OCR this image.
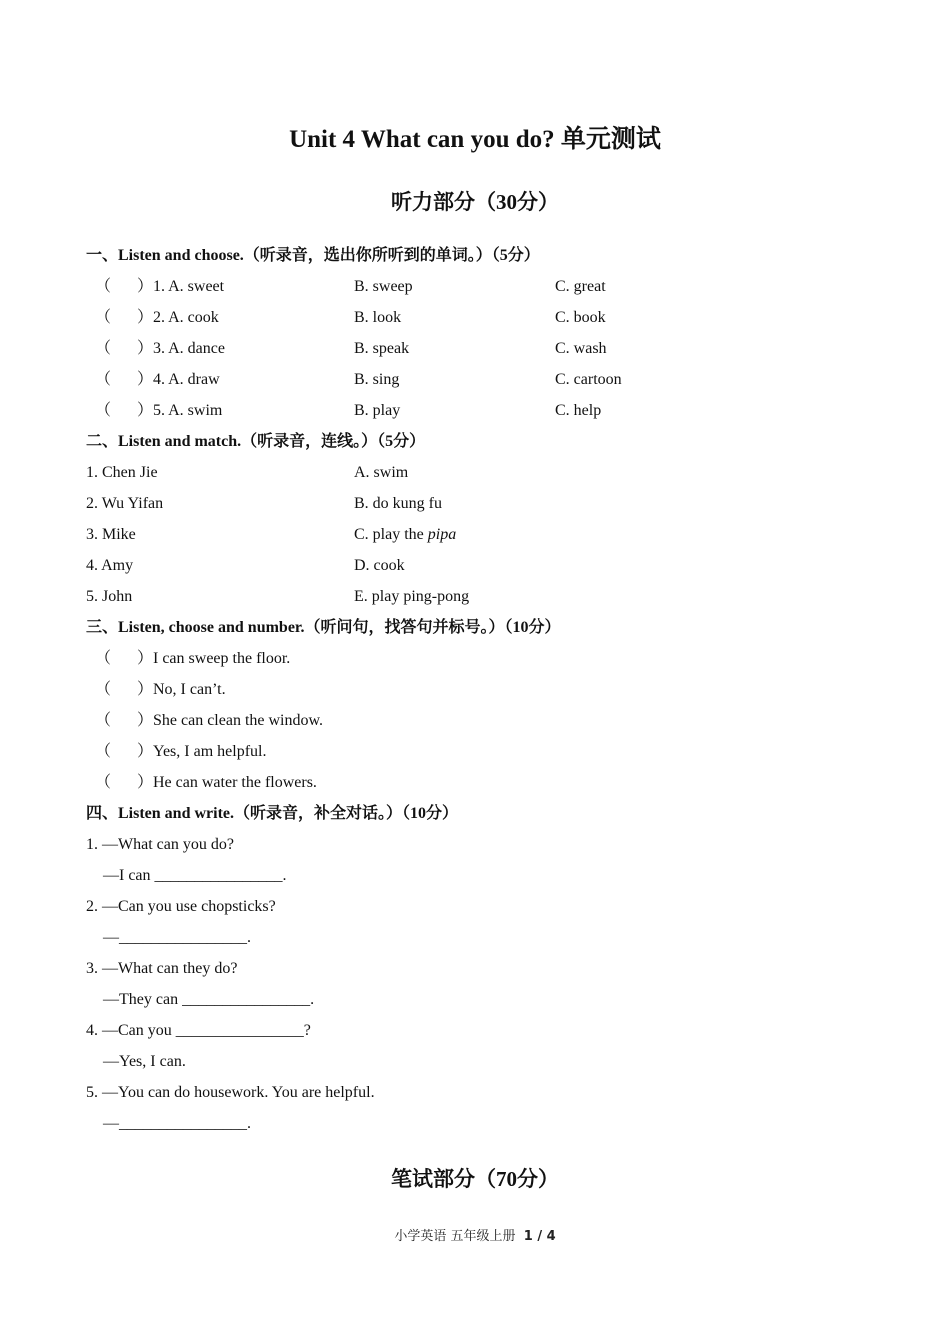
Unit 4 What can you do? 单元测试
听力部分（30分）
一、Listen and choose.（听录音，选出你所听到的单词。）（5分）
（ ） 1. A. sweet	B. sweep	C. great
（ ） 2. A. cook	B. look	C. book
（ ） 3. A. dance	B. speak	C. wash
（ ） 4. A. draw	B. sing	C. cartoon
（ ） 5. A. swim	B. play	C. help
二、Listen and match.（听录音，连线。）（5分）
1. Chen Jie	A. swim
2. Wu Yifan	B. do kung fu
3. Mike	C. play the pipa
4. Amy	D. cook
5. John	E. play ping-pong
三、Listen, choose and number.（听问句，找答句并标号。）（10分）
（ ） I can sweep the floor.
（ ） No, I can’t.
（ ） She can clean the window.
（ ） Yes, I am helpful.
（ ） He can water the flowers.
四、Listen and write.（听录音，补全对话。）（10分）
1. —What can you do?
—I can ________________.
2. —Can you use chopsticks?
—________________.
3. —What can they do?
—They can ________________.
4. —Can you ________________?
—Yes, I can.
5. —You can do housework. You are helpful.
—________________.
笔试部分（70分）
小学英语 五年级上册 1 / 4
